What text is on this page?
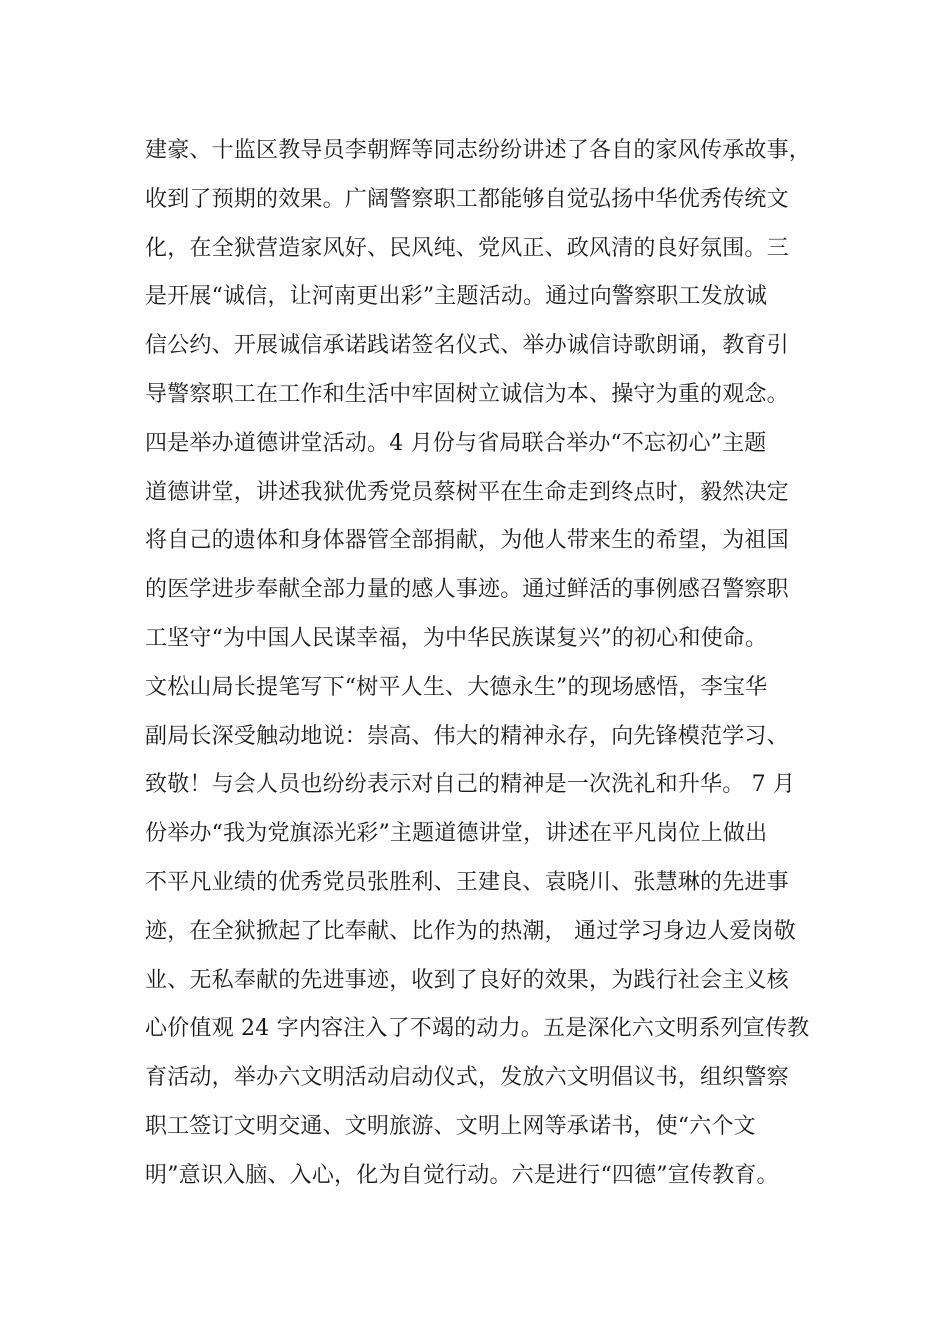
建豪、十监区教导员李朝辉等同志纷纷讲述了各自的家风传承故事，
收到了预期的效果。广阔警察职工都能够自觉弘扬中华优秀传统文
化，在全狱营造家风好、民风纯、党风正、政风清的良好氛围。三
是开展“诚信，让河南更出彩”主题活动。通过向警察职工发放诚
信公约、开展诚信承诺践诺签名仪式、举办诚信诗歌朗诵，教育引
导警察职工在工作和生活中牢固树立诚信为本、操守为重的观念。
四是举办道德讲堂活动。4 月份与省局联合举办“不忘初心”主题
道德讲堂，讲述我狱优秀党员蔡树平在生命走到终点时，毅然决定
将自己的遗体和身体器管全部捐献，为他人带来生的希望，为祖国
的医学进步奉献全部力量的感人事迹。通过鲜活的事例感召警察职
工坚守“为中国人民谋幸福，为中华民族谋复兴”的初心和使命。
文松山局长提笔写下“树平人生、大德永生”的现场感悟，李宝华
副局长深受触动地说：崇高、伟大的精神永存，向先锋模范学习、
致敬！与会人员也纷纷表示对自己的精神是一次洗礼和升华。 7 月
份举办“我为党旗添光彩”主题道德讲堂，讲述在平凡岗位上做出
不平凡业绩的优秀党员张胜利、王建良、袁晓川、张慧琳的先进事
迹，在全狱掀起了比奉献、比作为的热潮， 通过学习身边人爱岗敬
业、无私奉献的先进事迹，收到了良好的效果，为践行社会主义核
心价值观 24 字内容注入了不竭的动力。五是深化六文明系列宣传教
育活动，举办六文明活动启动仪式，发放六文明倡议书，组织警察
职工签订文明交通、文明旅游、文明上网等承诺书，使“六个文
明”意识入脑、入心，化为自觉行动。六是进行“四德”宣传教育。
